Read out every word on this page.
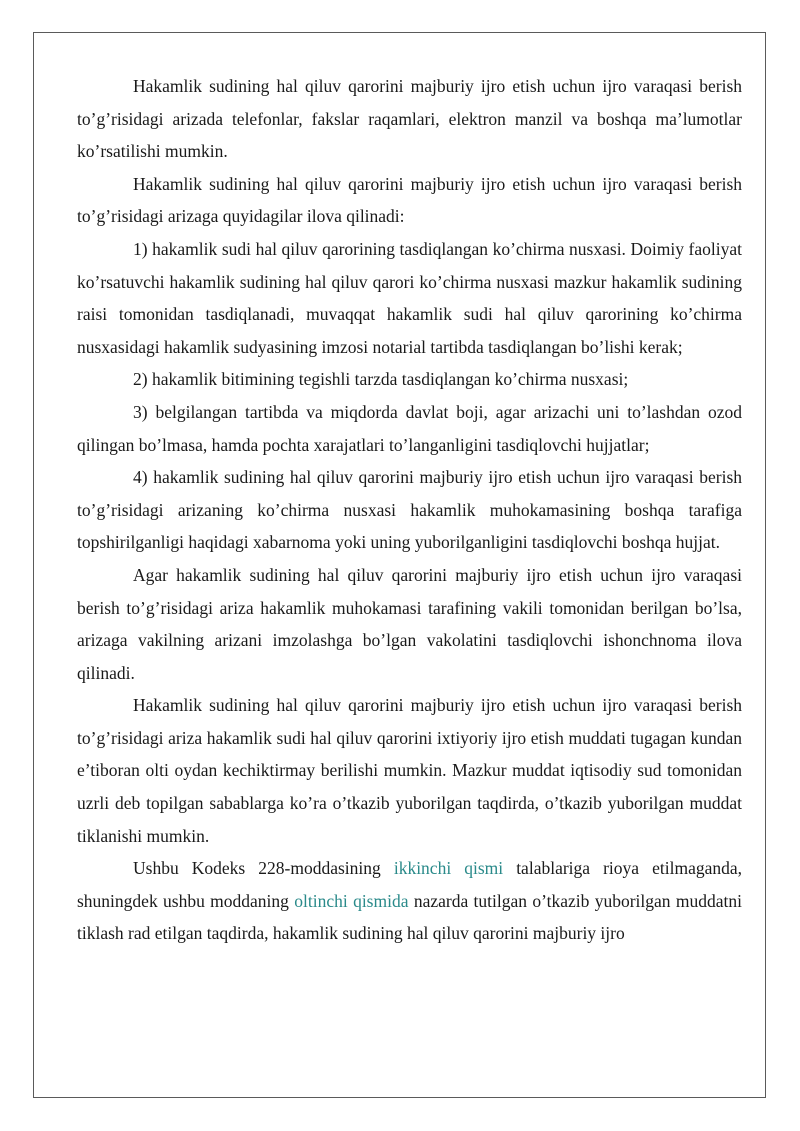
Hakamlik sudining hal qiluv qarorini majburiy ijro etish uchun ijro varaqasi berish to’g’risidagi arizada telefonlar, fakslar raqamlari, elektron manzil va boshqa ma’lumotlar ko’rsatilishi mumkin.

Hakamlik sudining hal qiluv qarorini majburiy ijro etish uchun ijro varaqasi berish to’g’risidagi arizaga quyidagilar ilova qilinadi:

1) hakamlik sudi hal qiluv qarorining tasdiqlangan ko’chirma nusxasi. Doimiy faoliyat ko’rsatuvchi hakamlik sudining hal qiluv qarori ko’chirma nusxasi mazkur hakamlik sudining raisi tomonidan tasdiqlanadi, muvaqqat hakamlik sudi hal qiluv qarorining ko’chirma nusxasidagi hakamlik sudyasining imzosi notarial tartibda tasdiqlangan bo’lishi kerak;

2) hakamlik bitimining tegishli tarzda tasdiqlangan ko’chirma nusxasi;

3) belgilangan tartibda va miqdorda davlat boji, agar arizachi uni to’lashdan ozod qilingan bo’lmasa, hamda pochta xarajatlari to’langanligini tasdiqlovchi hujjatlar;

4) hakamlik sudining hal qiluv qarorini majburiy ijro etish uchun ijro varaqasi berish to’g’risidagi arizaning ko’chirma nusxasi hakamlik muhokamasining boshqa tarafiga topshirilganligi haqidagi xabarnoma yoki uning yuborilganligini tasdiqlovchi boshqa hujjat.

Agar hakamlik sudining hal qiluv qarorini majburiy ijro etish uchun ijro varaqasi berish to’g’risidagi ariza hakamlik muhokamasi tarafining vakili tomonidan berilgan bo’lsa, arizaga vakilning arizani imzolashga bo’lgan vakolatini tasdiqlovchi ishonchnoma ilova qilinadi.

Hakamlik sudining hal qiluv qarorini majburiy ijro etish uchun ijro varaqasi berish to’g’risidagi ariza hakamlik sudi hal qiluv qarorini ixtiyoriy ijro etish muddati tugagan kundan e’tiboran olti oydan kechiktirmay berilishi mumkin. Mazkur muddat iqtisodiy sud tomonidan uzrli deb topilgan sabablarga ko’ra o’tkazib yuborilgan taqdirda, o’tkazib yuborilgan muddat tiklanishi mumkin.

Ushbu Kodeks 228-moddasining ikkinchi qismi talablariga rioya etilmaganda, shuningdek ushbu moddaning oltinchi qismida nazarda tutilgan o’tkazib yuborilgan muddatni tiklash rad etilgan taqdirda, hakamlik sudining hal qiluv qarorini majburiy ijro
